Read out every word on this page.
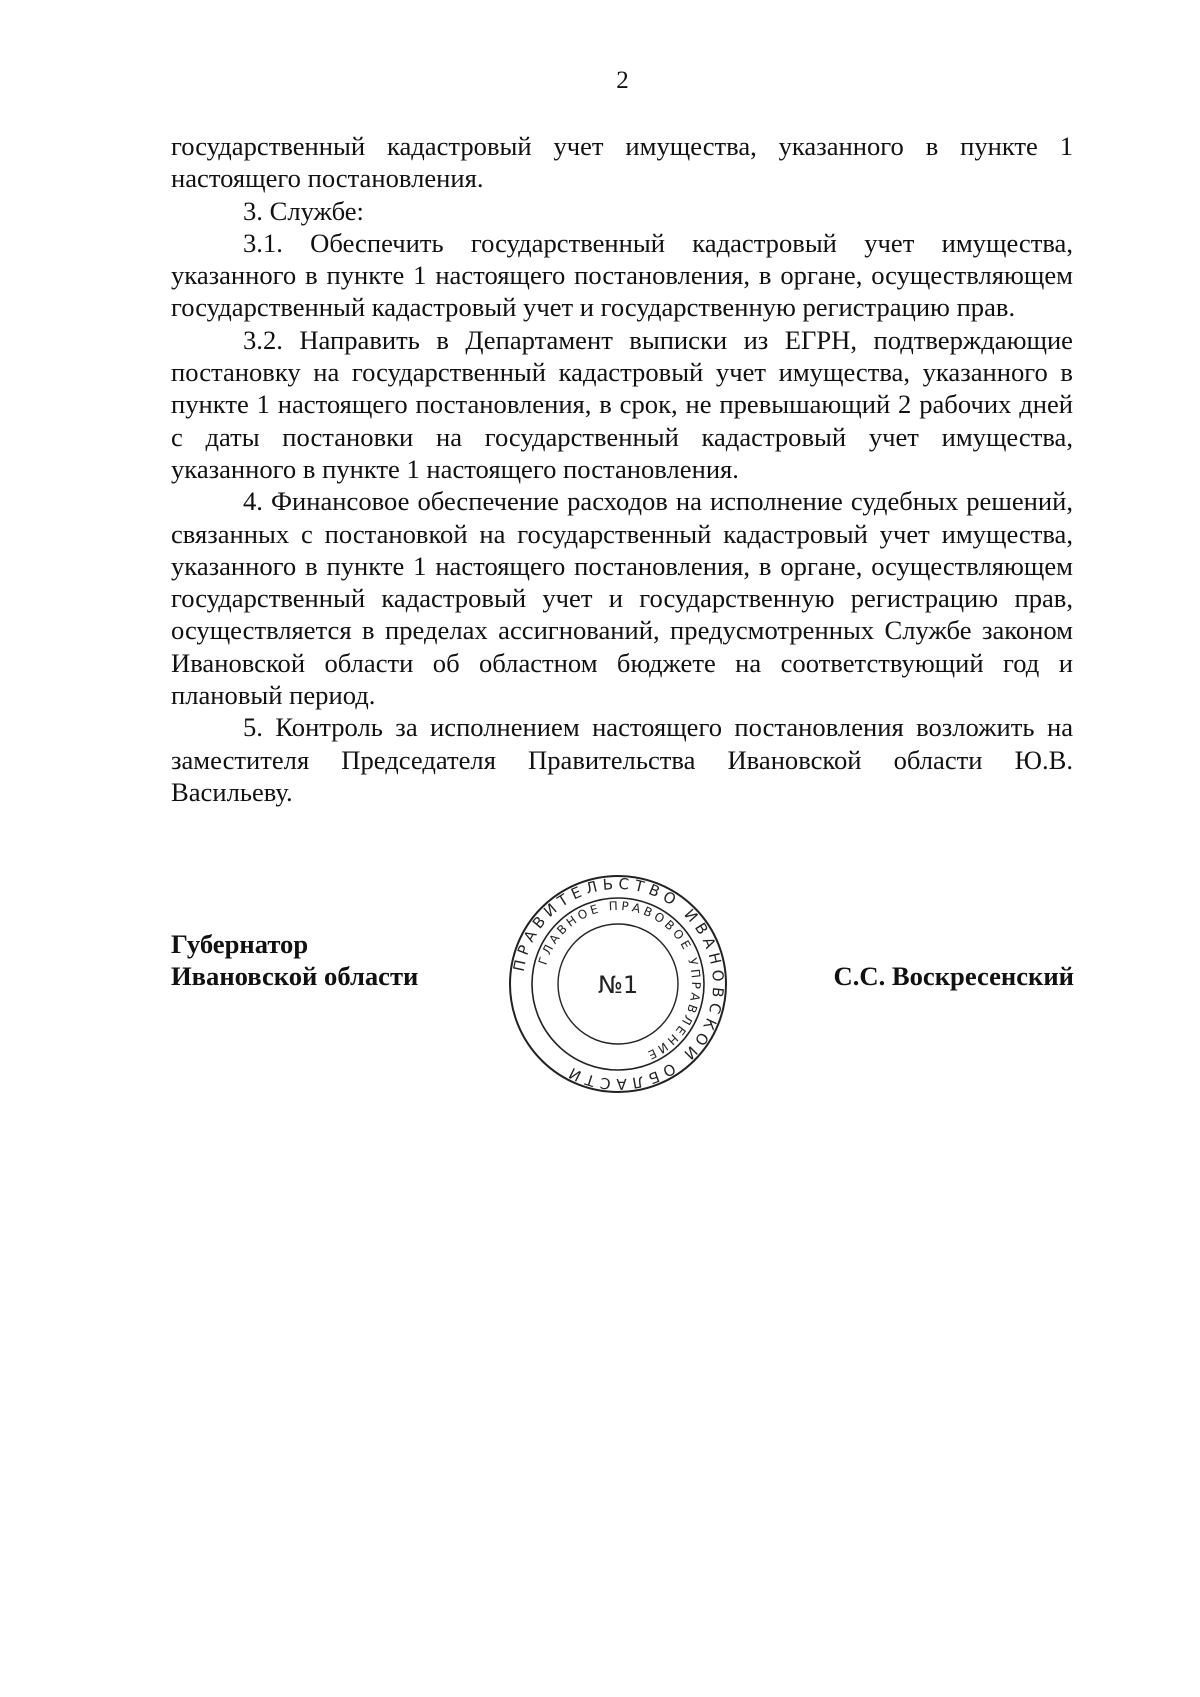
2

государственный кадастровый учет имущества, указанного в пункте 1 настоящего постановления.

3. Службе:

3.1. Обеспечить государственный кадастровый учет имущества, указанного в пункте 1 настоящего постановления, в органе, осуществляющем государственный кадастровый учет и государственную регистрацию прав.

3.2. Направить в Департамент выписки из ЕГРН, подтверждающие постановку на государственный кадастровый учет имущества, указанного в пункте 1 настоящего постановления, в срок, не превышающий 2 рабочих дней с даты постановки на государственный кадастровый учет имущества, указанного в пункте 1 настоящего постановления.

4. Финансовое обеспечение расходов на исполнение судебных решений, связанных с постановкой на государственный кадастровый учет имущества, указанного в пункте 1 настоящего постановления, в органе, осуществляющем государственный кадастровый учет и государственную регистрацию прав, осуществляется в пределах ассигнований, предусмотренных Службе законом Ивановской области об областном бюджете на соответствующий год и плановый период.

5. Контроль за исполнением настоящего постановления возложить на заместителя Председателя Правительства Ивановской области Ю.В. Васильеву.

Губернатор
Ивановской области	С.С. Воскресенский
ПРАВИТЕЛЬСТВО ИВАНОВСКОЙ ОБЛАСТИ
ГЛАВНОЕ ПРАВОВОЕ УПРАВЛЕНИЕ
№1
